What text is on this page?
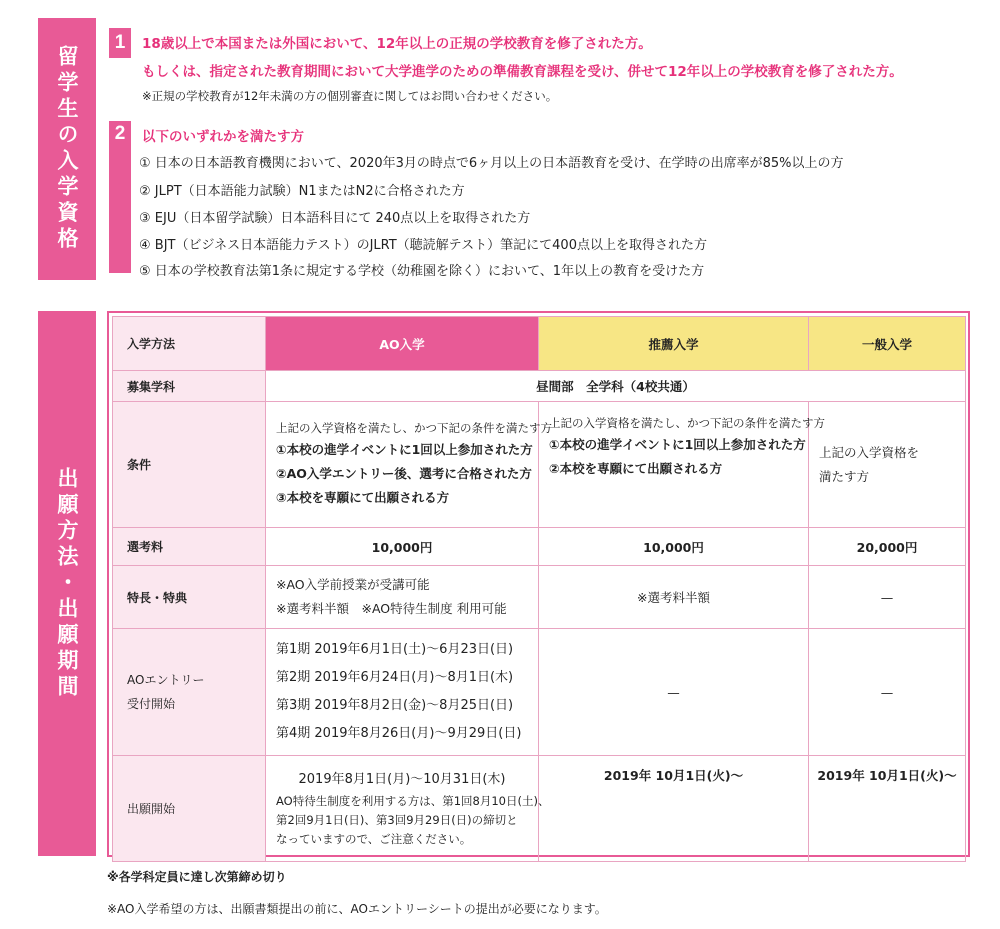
留学生の入学資格
出願方法・出願期間
1 18歳以上で本国または外国において、12年以上の正規の学校教育を修了された方。
もしくは、指定された教育期間において大学進学のための準備教育課程を受け、併せて12年以上の学校教育を修了された方。
※正規の学校教育が12年未満の方の個別審査に関してはお問い合わせください。
2 以下のいずれかを満たす方
① 日本の日本語教育機関において、2020年3月の時点で6ヶ月以上の日本語教育を受け、在学時の出席率が85%以上の方
② JLPT（日本語能力試験）N1またはN2に合格された方
③ EJU（日本留学試験）日本語科目にて 240点以上を取得された方
④ BJT（ビジネス日本語能力テスト）のJLRT（聴読解テスト）筆記にて400点以上を取得された方
⑤ 日本の学校教育法第1条に規定する学校（幼稚園を除く）において、1年以上の教育を受けた方
入学方法	AO入学	推薦入学	一般入学
募集学科	昼間部　全学科（4校共通）		
条件	上記の入学資格を満たし、かつ下記の条件を満たす方
①本校の進学イベントに1回以上参加された方
②AO入学エントリー後、選考に合格された方
③本校を専願にて出願される方	上記の入学資格を満たし、かつ下記の条件を満たす方
①本校の進学イベントに1回以上参加された方
②本校を専願にて出願される方	上記の入学資格を
満たす方

選考料	10,000円	10,000円	20,000円
特長・特典	※AO入学前授業が受講可能
※選考料半額　※AO特待生制度 利用可能	※選考料半額	—

AOエントリー
受付開始	第1期 2019年6月1日(土)〜6月23日(日)
第2期 2019年6月24日(月)〜8月1日(木)
第3期 2019年8月2日(金)〜8月25日(日)
第4期 2019年8月26日(月)〜9月29日(日)	—	—
出願開始	2019年8月1日(月)〜10月31日(木)
AO特待生制度を利用する方は、第1回8月10日(土)、
第2回9月1日(日)、第3回9月29日(日)の締切と
なっていますので、ご注意ください。	2019年 10月1日(火)〜	2019年 10月1日(火)〜
※各学科定員に達し次第締め切り
※AO入学希望の方は、出願書類提出の前に、AOエントリーシートの提出が必要になります。
